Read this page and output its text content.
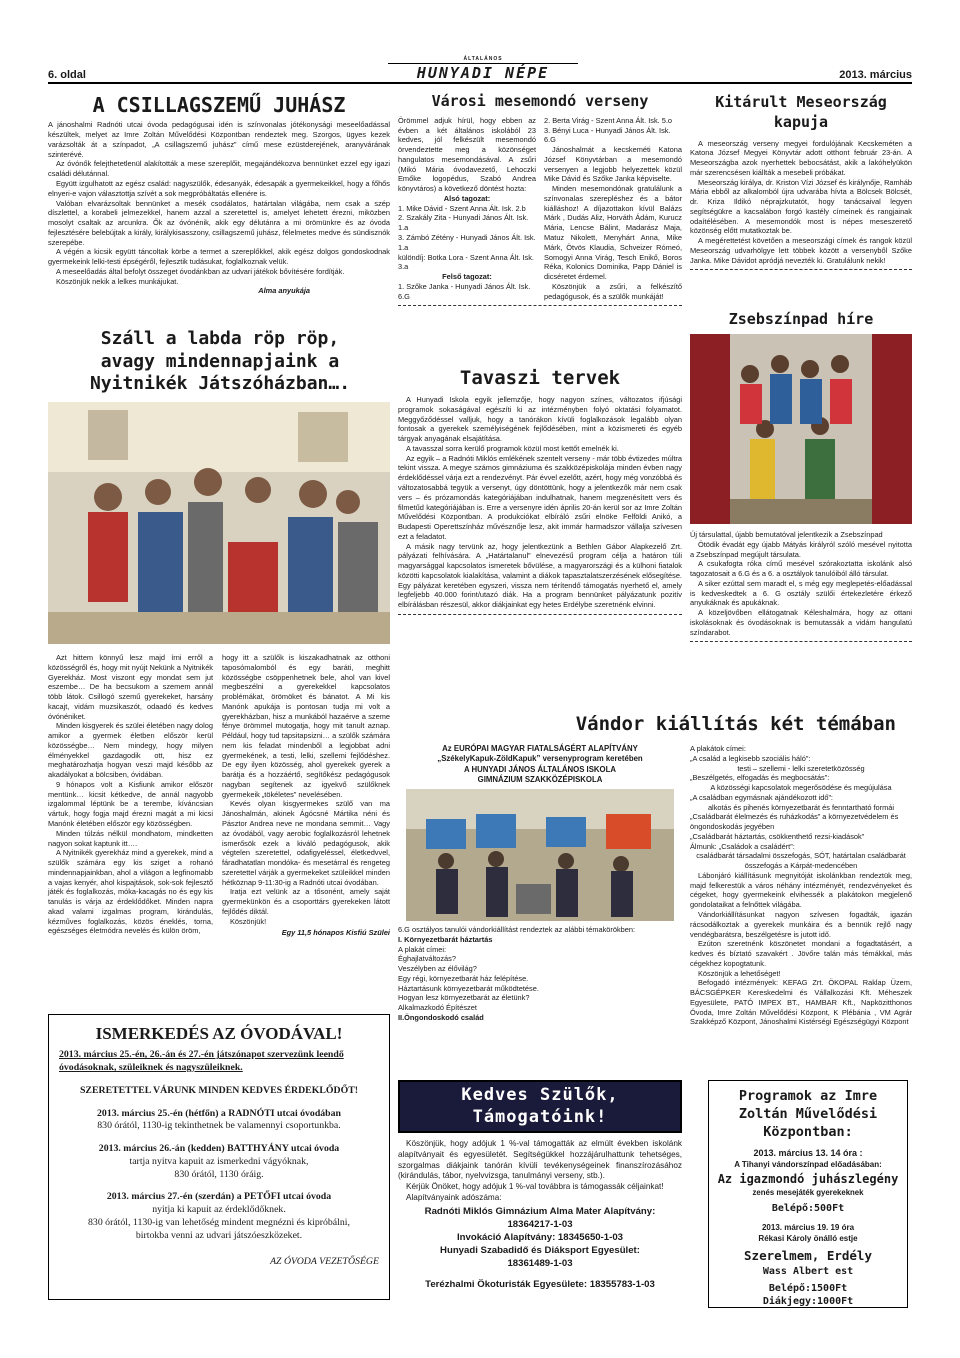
6. oldal
ÁLTALÁNOS
HUNYADI NÉPE	2013. március
A CSILLAGSZEMŰ JUHÁSZ

A jánoshalmi Radnóti utcai óvoda pedagógusai idén is színvonalas jótékonysági meseelőadással készültek, melyet az Imre Zoltán Művelődési Központban rendeztek meg. Szorgos, ügyes kezek varázsolták át a színpadot, „A csillagszemű juhász” című mese ezüstderejének, aranyvárának szinterévé.

Az óvónők felejthetetlenül alakították a mese szereplőit, megajándékozva bennünket ezzel egy igazi családi délutánnal.

Együtt izgulhatott az egész család: nagyszülők, édesanyák, édesapák a gyermekeikkel, hogy a főhős elnyeri-e vajon választottja szívét a sok megpróbáltatás ellenére is.

Valóban elvarázsoltak bennünket a mesék csodálatos, határtalan világába, nem csak a szép díszlettel, a korabeli jelmezekkel, hanem azzal a szeretettel is, amelyet lehetett érezni, miközben mosolyt csaltak az arcunkra. Ők az óvónénik, akik egy délutánra a mi örömünkre és az óvoda fejlesztésére belebújtak a király, királykisasszony, csillagszemű juhász, félelmetes medve és sündisznók szerepébe.

A végén a kicsik együtt táncoltak körbe a termet a szereplőkkel, akik egész dolgos gondoskodnak gyermekeink lelki-testi épségéről, fejlesztik tudásukat, foglalkoznak velük.

A meseelőadás által befolyt összeget óvodánkban az udvari játékok bővítésére fordítják.

Köszönjük nekik a lelkes munkájukat.

Alma anyukája
Száll a labda röp röp, avagy mindennapjaink a Nyitnikék Játszóházban….

Azt hittem könnyű lesz majd írni erről a közösségről és, hogy mit nyújt Nekünk a Nyitnikék Gyerekház. Most viszont egy mondat sem jut eszembe… De ha becsukom a szemem annál több látok. Csillogó szemű gyerekeket, harsány kacajt, vidám muzsikaszót, odaadó és kedves óvónéniket.

Minden kisgyerek és szülei életében nagy dolog amikor a gyermek életben először kerül közösségbe… Nem mindegy, hogy milyen élményekkel gazdagodik ott, hisz ez meghatározhatja hogyan veszi majd később az akadályokat a bölcsiben, óvidában.

9 hónapos volt a Kisfiunk amikor először mentünk… kicsit kétkedve, de annál nagyobb izgalommal léptünk be a terembe, kíváncsian vártuk, hogy fogja majd érezni magát a mi kicsi Manónk életében először egy közösségben.

Minden túlzás nélkül mondhatom, mindketten nagyon sokat kaptunk itt….

A Nyitnikék gyerekház mind a gyerekek, mind a szülők számára egy kis sziget a rohanó mindennapjainkban, ahol a világon a legfinomabb a vajas kenyér, ahol kispajtások, sok-sok fejlesztő játék és foglalkozás, móka-kacagás no és egy kis tanulás is várja az érdeklődőket. Minden napra akad valami izgalmas program, kirándulás, kézműves foglalkozás, közös éneklés, torna, egészséges életmódra nevelés és külön öröm,

hogy itt a szülők is kiszakadhatnak az otthoni taposómalomból és egy baráti, meghitt közösségbe csöppenhetnek bele, ahol van kivel megbeszélni a gyerekekkel kapcsolatos problémákat, örömöket és bánatot. A Mi kis Manónk apukája is pontosan tudja mi volt a gyerekházban, hisz a munkából hazaérve a szeme fénye örömmel mutogatja, hogy mit tanult aznap. Például, hogy tud tapsitapsizni… a szülők számára nem kis feladat mindenből a legjobbat adni gyermekének, a testi, lelki, szellemi fejlődéshez. De egy ilyen közösség, ahol gyerekek gyerek a barátja és a hozzáértő, segítőkész pedagógusok nagyban segítenek az igyekvő szülőknek gyermekeik „tökéletes” nevelésében.

Kevés olyan kisgyermekes szülő van ma Jánoshalmán, akinek Ágócsné Mártika néni és Pásztor Andrea neve ne mondana semmit… Vagy az óvodából, vagy aerobic foglalkozásról lehetnek ismerősök ezek a kiváló pedagógusok, akik végtelen szeretettel, odafigyeléssel, életkedvvel, fáradhatatlan mondóka- és mesetárral és rengeteg szeretettel várják a gyermekeket szüleikkel minden hétköznap 9-11:30-ig a Radnóti utcai óvodában.

Iratja ezt velünk az a tősonént, amely saját gyermekünkön és a csoporttárs gyerekeken látott fejlődés diktál.

Köszönjük!

Egy 11,5 hónapos Kisfiú Szülei
ISMERKEDÉS AZ ÓVODÁVAL!
2013. március 25.-én, 26.-án és 27.-én játszónapot szervezünk leendő óvodásoknak, szüleiknek és nagyszüleiknek.
SZERETETTEL VÁRUNK MINDEN KEDVES ÉRDEKLŐDŐT!
2013. március 25.-én (hétfőn) a RADNÓTI utcai óvodában
830 órától, 1130-ig tekinthetnek be valamennyi csoportunkba.
2013. március 26.-án (kedden) BATTHYÁNY utcai óvoda
tartja nyitva kapuit az ismerkedni vágyóknak,
830 órától, 1130 óráig.
2013. március 27.-én (szerdán) a PETŐFI utcai óvoda
nyitja ki kapuit az érdeklődőknek.
830 órától, 1130-ig van lehetőség mindent megnézni és kipróbálni,
birtokba venni az udvari játszóeszközeket.
AZ ÓVODA VEZETŐSÉGE
Városi mesemondó verseny

Örömmel adjuk hírül, hogy ebben az évben a két általános iskolából 23 kedves, jól felkészült mesemondó örvendeztette meg a közönséget hangulatos mesemondásával. A zsűri (Mikó Mária óvodavezető, Lehoczki Emőke logopédus, Szabó Andrea könyvtáros) a következő döntést hozta:

Alsó tagozat:
1. Mike Dávid - Szent Anna Ált. Isk. 2.b
2. Szakály Zita - Hunyadi János Ált. Isk. 1.a
3. Zámbó Zétény - Hunyadi János Ált. Isk. 1.a
különdíj: Botka Lora - Szent Anna Ált. Isk. 3.a
Felső tagozat:
1. Szőke Janka - Hunyadi János Ált. Isk. 6.G
2. Berta Virág - Szent Anna Ált. Isk. 5.o
3. Bényi Luca - Hunyadi János Ált. Isk. 6.G

Jánoshalmát a kecskeméti Katona József Könyvtárban a mesemondó versenyen a legjobb helyezettek közül Mike Dávid és Szőke Janka képviselte.

Minden mesemondónak gratulálunk a színvonalas szerepléshez és a bátor kiálláshoz! A díjazottakon kívül Balázs Márk , Dudás Aliz, Horváth Ádám, Kurucz Mária, Lencse Bálint, Madarász Maja, Matuz Nikolett, Menyhárt Anna, Mike Márk, Ötvös Klaudia, Schveizer Rómeó, Somogyi Anna Virág, Tesch Enikő, Boros Réka, Kolonics Dominika, Papp Dániel is dicséretet érdemel.

Köszönjük a zsűri, a felkészítő pedagógusok, és a szülők munkáját!

Tavaszi tervek

A Hunyadi Iskola egyik jellemzője, hogy nagyon színes, változatos ifjúsági programok sokaságával egészíti ki az intézményben folyó oktatási folyamatot. Meggyőződéssel valljuk, hogy a tanórákon kívüli foglalkozások legalább olyan fontosak a gyerekek személyiségének fejlődésében, mint a közismereti és egyéb tárgyak anyagának elsajátítása.

A tavasszal sorra kerülő programok közül most kettőt emelnék ki.

Az egyik – a Radnóti Miklós emlékének szentelt verseny - már több évtizedes múltra tekint vissza. A megye számos gimnáziuma és szakközépiskolája minden évben nagy érdeklődéssel várja ezt a rendezvényt. Pár évvel ezelőtt, azért, hogy még vonzóbbá és változatosabbá tegyük a versenyt, úgy döntöttünk, hogy a jelentkezők már nem csak vers – és prózamondás kategóriájában indulhatnak, hanem megzenésített vers és filmetűd kategóriájában is. Erre a versenyre idén április 20-án kerül sor az Imre Zoltán Művelődési Központban. A produkciókat elbíráló zsűri elnöke Felföldi Anikó, a Budapesti Operettszínház művésznője lesz, akit immár harmadszor vállalja szívesen ezt a feladatot.

A másik nagy tervünk az, hogy jelentkezünk a Bethlen Gábor Alapkezelő Zrt. pályázati felhívására. A „Határtalanul” elnevezésű program célja a határon túli magyarsággal kapcsolatos ismeretek bővülése, a magyarországi és a külhoni fiatalok közötti kapcsolatok kialakítása, valamint a diákok tapasztalatszerzésének elősegítése. Egy pályázat keretében egyszeri, vissza nem térítendő támogatás nyerhető el, amely legfeljebb 40.000 forint/utazó diák. Ha a program bennünket pályázatunk pozitív elbírálásban részesül, akkor diákjainkat egy hetes Erdélybe szeretnénk elvinni.

Kitárult Meseország kapuja

A meseország verseny megyei fordulójának Kecskeméten a Katona József Megyei Könyvtár adott otthont február 23-án. A Meseországba azok nyerhettek bebocsátást, akik a lakóhelyükön már szerencsésen kiállták a mesebeli próbákat.

Meseország királya, dr. Kriston Vízi József és királynője, Ramháb Mária ebből az alkalomból újra udvarába hívta a Bölcsek Bölcsét, dr. Kriza Ildikó néprajzkutatót, hogy tanácsaival legyen segítségükre a kacsalábon forgó kastély címeinek és rangjainak odaítélésében. A mesemondók most is népes meseszerető közönség előtt mutatkoztak be.

A megérettetést követően a meseországi címek és rangok közül Meseország udvarhölgye lett többek között a versenyből Szőke Janka. Mike Dávidot apródjá nevezték ki. Gratulálunk nekik!

Zsebszínpad híre

Új társulattal, újabb bemutatóval jelentkezik a Zsebszínpad

Ötödik évadát egy újabb Mátyás királyról szóló mesével nyitotta a Zsebszínpad megújult társulata.

A csukafogta róka című mesével szórakoztatta iskolánk alsó tagozatosait a 6.G és a 6. a osztályok tanulóiból álló társulat.

A siker ezúttal sem maradt el, s még egy meglepetés-előadással is kedveskedtek a 6. G osztály szülői értekezletére érkező anyukáknak és apukáknak.

A közeljövőben ellátogatnak Kéleshalmára, hogy az ottani iskolásoknak és óvodásoknak is bemutassák a vidám hangulatú színdarabot.

Vándor kiállítás két témában
Az EURÓPAI MAGYAR FIATALSÁGÉRT ALAPÍTVÁNY
„SzékelyKapuk-ZöldKapuk” versenyprogram keretében
A HUNYADI JÁNOS ÁLTALÁNOS ISKOLA
GIMNÁZIUM SZAKKÖZÉPISKOLA

6.G osztályos tanulói vándorkiállítást rendeztek az alábbi témakörökben:

I. Környezetbarát háztartás
A plakát címei:
Éghajlatváltozás?
Veszélyben az élővilág?
Egy régi, környezetbarát ház felépítése.
Háztartásunk környezetbarát működtetése.
Hogyan lesz környezetbarát az életünk?
Alkalmazkodó Építészet
II.Öngondoskodó család
A plakátok címei:
„A család a legkisebb szociális háló”:
testi – szellemi - lelki szeretetközösség
„Beszélgetés, elfogadás és megbocsátás”:
A közösségi kapcsolatok megerősödése és megújulása
„A családban egymásnak ajándékozott idő”:
alkotás és pihenés környezetbarát és fenntartható formái
„Családbarát élelmezés és ruházkodás” a környezetvédelem és öngondoskodás jegyében
„Családbarát háztartás, csökkenthető rezsi-kiadások”
Álmunk: „Családok a családért”:
családbarát társadalmi összefogás, SÓT, határtalan családbarát összefogás a Kárpát-medencében

Lábonjáró kiállításunk megnyitóját iskolánkban rendeztük meg, majd felkerestük a város néhány intézményét, rendezvényeket és cégeket, hogy gyermekeink elvihessék a plakátokon megjelenő gondolataikat a felnőttek világába.

Vándorkiállításunkat nagyon szívesen fogadták, igazán rácsodálkoztak a gyerekek munkáira és a bennük rejlő nagy vendégbarátsra, beszélgetésre is jutott idő.

Ezúton szeretnénk köszönetet mondani a fogadtatásért, a kedves és bíztató szavakért . Jövőre talán más témákkal, más cégekhez kopogtatunk.

Köszönjük a lehetőséget!

Befogadó intézmények: KEFAG Zrt. ÖKOPAL Raklap Üzem, BÁCSGÉPKER Kereskedelmi és Vállalkozási Kft. Méheszek Egyesülete, PATÓ IMPEX BT., HAMBAR Kft., Napközitthonos Óvoda, Imre Zoltán Művelődési Központ, K Plébánia , VM Agrár Szakképző Központ, Jánoshalmi Kistérségi Egészségügyi Központ

Kedves Szülők, Támogatóink!

Köszönjük, hogy adójuk 1 %-val támogatták az elmúlt években iskolánk alapítványait és egyesületét. Segítségükkel hozzájárulhattunk tehetséges, szorgalmas diákjaink tanórán kívüli tevékenységeinek finanszírozásához (kirándulás, tábor, nyelvvizsga, tanulmányi verseny, stb.).

Kérjük Önöket, hogy adójuk 1 %-val továbbra is támogassák céljainkat!

Alapítványaink adószáma:

Radnóti Miklós Gimnázium Alma Mater Alapítvány:
18364217-1-03
Invokáció Alapítvány: 18345650-1-03
Hunyadi Szabadidő és Diáksport Egyesület:
18361489-1-03
Terézhalmi Ökoturisták Egyesülete: 18355783-1-03
Programok az Imre Zoltán Művelődési Központban:
2013. március 13. 14 óra :
A Tihanyi vándorszínpad előadásában:
Az igazmondó juhászlegény
zenés mesejáték gyerekeknek
Belépő:500Ft
2013. március 19. 19 óra
Rékasi Károly önálló estje
Szerelmem, Erdély
Wass Albert est
Belépő:1500Ft
Diákjegy:1000Ft
